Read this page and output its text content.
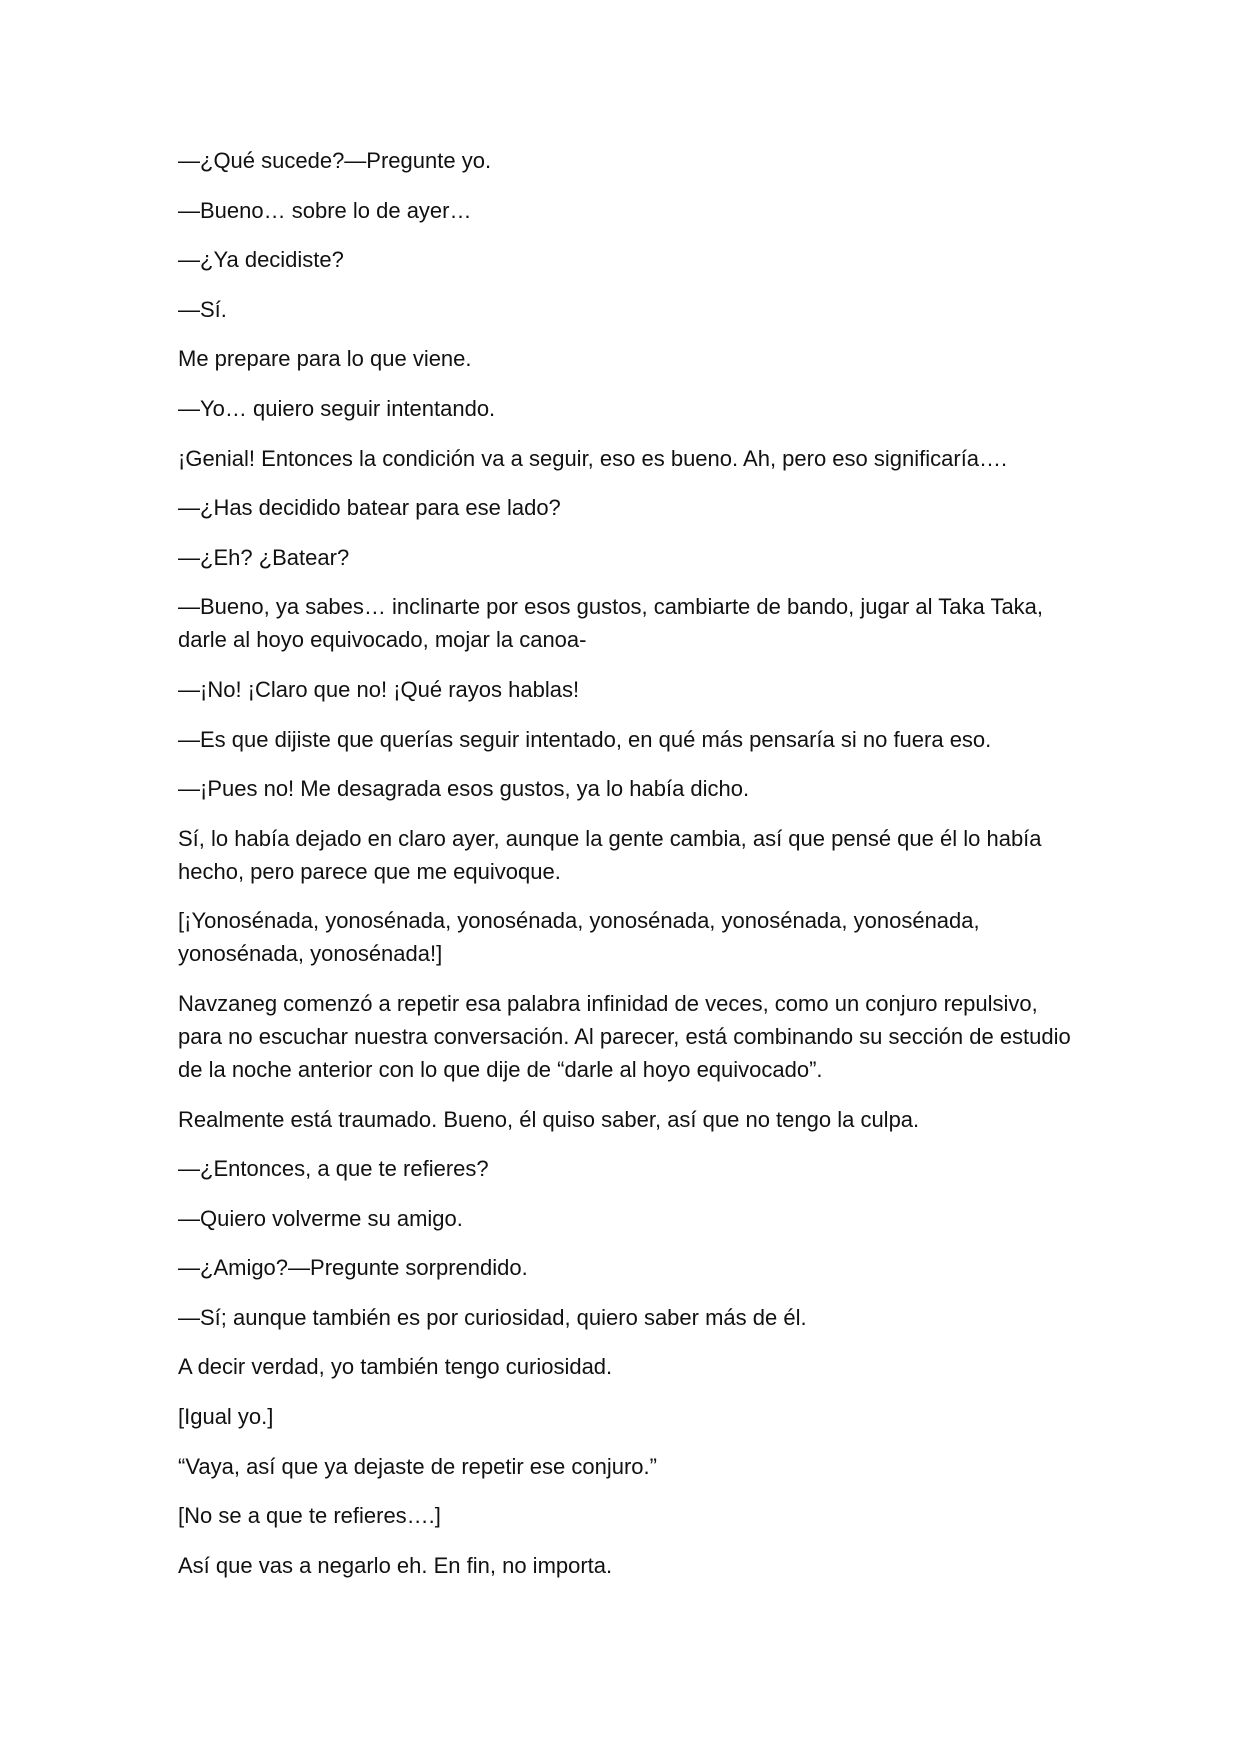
—¿Qué sucede?—Pregunte yo.

—Bueno… sobre lo de ayer…

—¿Ya decidiste?

—Sí.

Me prepare para lo que viene.

—Yo… quiero seguir intentando.

¡Genial! Entonces la condición va a seguir, eso es bueno. Ah, pero eso significaría….

—¿Has decidido batear para ese lado?

—¿Eh? ¿Batear?

—Bueno, ya sabes… inclinarte por esos gustos, cambiarte de bando, jugar al Taka Taka, darle al hoyo equivocado, mojar la canoa-

—¡No! ¡Claro que no! ¡Qué rayos hablas!

—Es que dijiste que querías seguir intentado, en qué más pensaría si no fuera eso.

—¡Pues no! Me desagrada esos gustos, ya lo había dicho.

Sí, lo había dejado en claro ayer, aunque la gente cambia, así que pensé que él lo había hecho, pero parece que me equivoque.

[¡Yonosénada, yonosénada, yonosénada, yonosénada, yonosénada, yonosénada, yonosénada, yonosénada!]

Navzaneg comenzó a repetir esa palabra infinidad de veces, como un conjuro repulsivo, para no escuchar nuestra conversación. Al parecer, está combinando su sección de estudio de la noche anterior con lo que dije de “darle al hoyo equivocado”.

Realmente está traumado. Bueno, él quiso saber, así que no tengo la culpa.

—¿Entonces, a que te refieres?

—Quiero volverme su amigo.

—¿Amigo?—Pregunte sorprendido.

—Sí; aunque también es por curiosidad, quiero saber más de él.

A decir verdad, yo también tengo curiosidad.

[Igual yo.]

“Vaya, así que ya dejaste de repetir ese conjuro.”

[No se a que te refieres….]

Así que vas a negarlo eh. En fin, no importa.
